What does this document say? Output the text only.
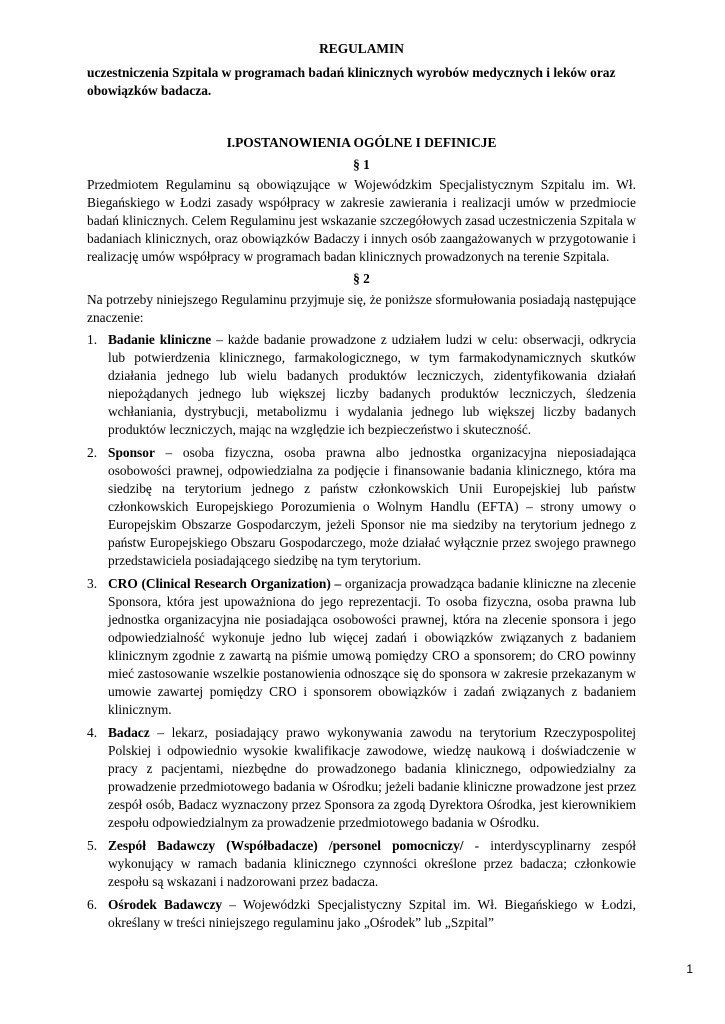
REGULAMIN
uczestniczenia Szpitala w programach badań klinicznych wyrobów medycznych i leków oraz obowiązków badacza.
I.POSTANOWIENIA OGÓLNE I DEFINICJE
§ 1
Przedmiotem Regulaminu są obowiązujące w Wojewódzkim Specjalistycznym Szpitalu im. Wł. Biegańskiego w Łodzi zasady współpracy w zakresie zawierania i realizacji umów w przedmiocie badań klinicznych. Celem Regulaminu jest wskazanie szczegółowych zasad uczestniczenia Szpitala w badaniach klinicznych, oraz obowiązków Badaczy i innych osób zaangażowanych w przygotowanie i realizację umów współpracy w programach badan klinicznych prowadzonych na terenie Szpitala.
§ 2
Na potrzeby niniejszego Regulaminu przyjmuje się, że poniższe sformułowania posiadają następujące znaczenie:
1. Badanie kliniczne – każde badanie prowadzone z udziałem ludzi w celu: obserwacji, odkrycia lub potwierdzenia klinicznego, farmakologicznego, w tym farmakodynamicznych skutków działania jednego lub wielu badanych produktów leczniczych, zidentyfikowania działań niepożądanych jednego lub większej liczby badanych produktów leczniczych, śledzenia wchłaniania, dystrybucji, metabolizmu i wydalania jednego lub większej liczby badanych produktów leczniczych, mając na względzie ich bezpieczeństwo i skuteczność.
2. Sponsor – osoba fizyczna, osoba prawna albo jednostka organizacyjna nieposiadająca osobowości prawnej, odpowiedzialna za podjęcie i finansowanie badania klinicznego, która ma siedzibę na terytorium jednego z państw członkowskich Unii Europejskiej lub państw członkowskich Europejskiego Porozumienia o Wolnym Handlu (EFTA) – strony umowy o Europejskim Obszarze Gospodarczym, jeżeli Sponsor nie ma siedziby na terytorium jednego z państw Europejskiego Obszaru Gospodarczego, może działać wyłącznie przez swojego prawnego przedstawiciela posiadającego siedzibę na tym terytorium.
3. CRO (Clinical Research Organization) – organizacja prowadząca badanie kliniczne na zlecenie Sponsora, która jest upoważniona do jego reprezentacji. To osoba fizyczna, osoba prawna lub jednostka organizacyjna nie posiadająca osobowości prawnej, która na zlecenie sponsora i jego odpowiedzialność wykonuje jedno lub więcej zadań i obowiązków związanych z badaniem klinicznym zgodnie z zawartą na piśmie umową pomiędzy CRO a sponsorem; do CRO powinny mieć zastosowanie wszelkie postanowienia odnoszące się do sponsora w zakresie przekazanym w umowie zawartej pomiędzy CRO i sponsorem obowiązków i zadań związanych z badaniem klinicznym.
4. Badacz – lekarz, posiadający prawo wykonywania zawodu na terytorium Rzeczypospolitej Polskiej i odpowiednio wysokie kwalifikacje zawodowe, wiedzę naukową i doświadczenie w pracy z pacjentami, niezbędne do prowadzonego badania klinicznego, odpowiedzialny za prowadzenie przedmiotowego badania w Ośrodku; jeżeli badanie kliniczne prowadzone jest przez zespół osób, Badacz wyznaczony przez Sponsora za zgodą Dyrektora Ośrodka, jest kierownikiem zespołu odpowiedzialnym za prowadzenie przedmiotowego badania w Ośrodku.
5. Zespół Badawczy (Współbadacze) /personel pomocniczy/ - interdyscyplinarny zespół wykonujący w ramach badania klinicznego czynności określone przez badacza; członkowie zespołu są wskazani i nadzorowani przez badacza.
6. Ośrodek Badawczy – Wojewódzki Specjalistyczny Szpital im. Wł. Biegańskiego w Łodzi, określany w treści niniejszego regulaminu jako „Ośrodek” lub „Szpital”
1
